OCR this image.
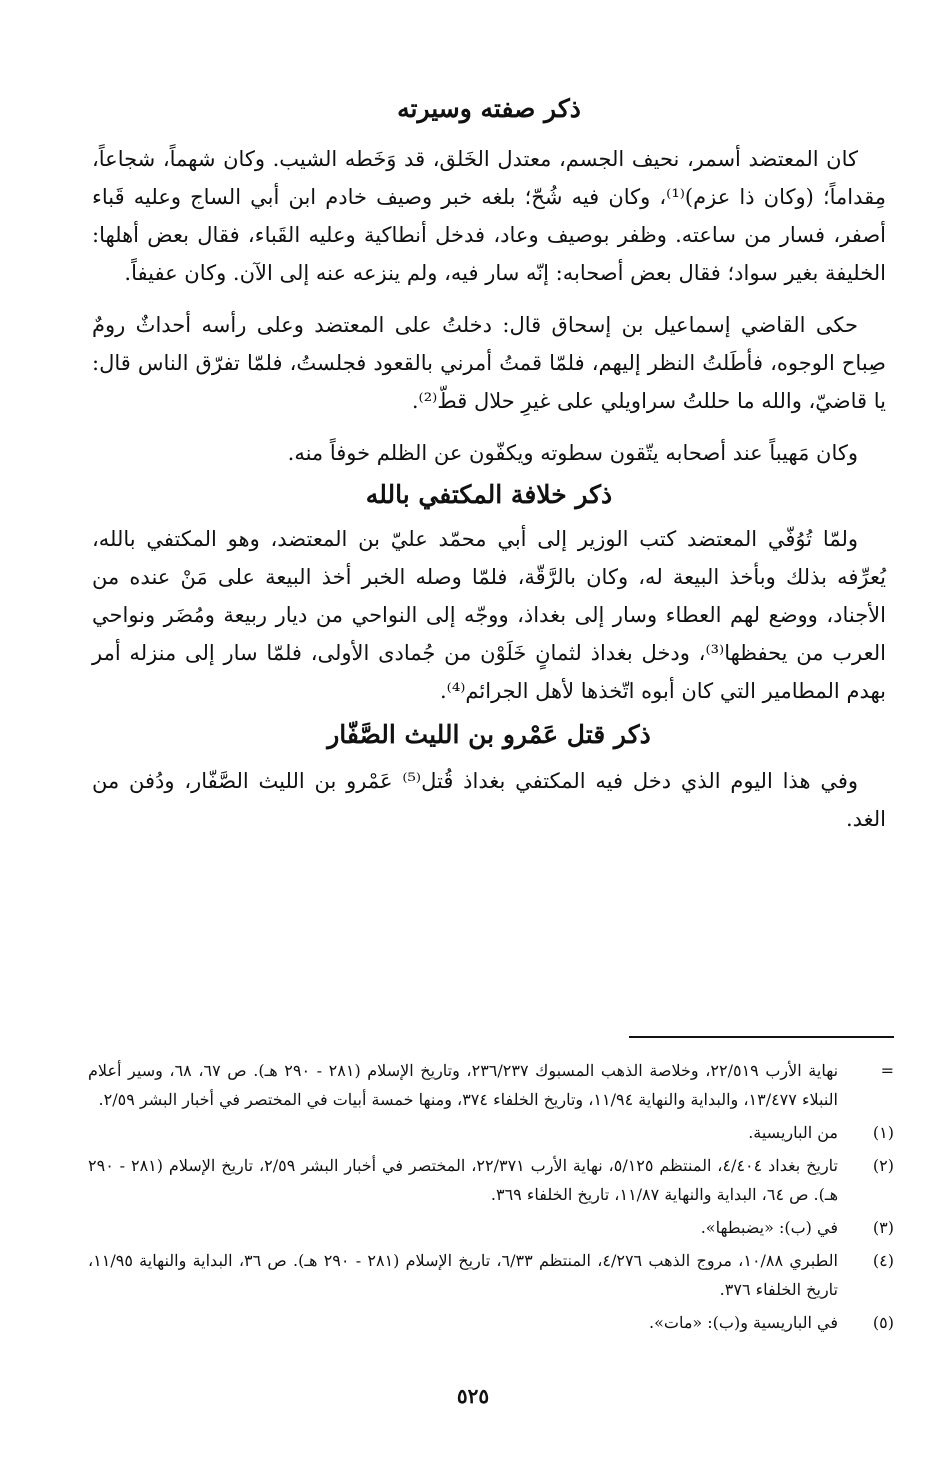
ذكر صفته وسيرته

كان المعتضد أسمر، نحيف الجسم، معتدل الخَلق، قد وَخَطه الشيب. وكان شهماً، شجاعاً، مِقداماً؛ (وكان ذا عزم)⁽¹⁾، وكان فيه شُحّ؛ بلغه خبر وصيف خادم ابن أبي الساج وعليه قَباء أصفر، فسار من ساعته. وظفر بوصيف وعاد، فدخل أنطاكية وعليه القَباء، فقال بعض أهلها: الخليفة بغير سواد؛ فقال بعض أصحابه: إنّه سار فيه، ولم ينزعه عنه إلى الآن. وكان عفيفاً.

حكى القاضي إسماعيل بن إسحاق قال: دخلتُ على المعتضد وعلى رأسه أحداثٌ رومٌ صِباح الوجوه، فأطَلتُ النظر إليهم، فلمّا قمتُ أمرني بالقعود فجلستُ، فلمّا تفرّق الناس قال: يا قاضيّ، والله ما حللتُ سراويلي على غيرِ حلال قطّ⁽²⁾.

وكان مَهيباً عند أصحابه يتّقون سطوته ويكفّون عن الظلم خوفاً منه.

ذكر خلافة المكتفي بالله

ولمّا تُوُفّي المعتضد كتب الوزير إلى أبي محمّد عليّ بن المعتضد، وهو المكتفي بالله، يُعرِّفه بذلك وبأخذ البيعة له، وكان بالرَّقّة، فلمّا وصله الخبر أخذ البيعة على مَنْ عنده من الأجناد، ووضع لهم العطاء وسار إلى بغداذ، ووجّه إلى النواحي من ديار ربيعة ومُضَر ونواحي العرب من يحفظها⁽³⁾، ودخل بغداذ لثمانٍ خَلَوْن من جُمادى الأولى، فلمّا سار إلى منزله أمر بهدم المطامير التي كان أبوه اتّخذها لأهل الجرائم⁽⁴⁾.

ذكر قتل عَمْرو بن الليث الصَّفّار

وفي هذا اليوم الذي دخل فيه المكتفي بغداذ قُتل⁽⁵⁾ عَمْرو بن الليث الصَّفّار، ودُفن من الغد.

=
نهاية الأرب ٢٢/٥١٩، وخلاصة الذهب المسبوك ٢٣٦/٢٣٧، وتاريخ الإسلام (٢٨١ - ٢٩٠ هـ). ص ٦٧، ٦٨، وسير أعلام النبلاء ١٣/٤٧٧، والبداية والنهاية ١١/٩٤، وتاريخ الخلفاء ٣٧٤، ومنها خمسة أبيات في المختصر في أخبار البشر ٢/٥٩.
(١)
من الباريسية.
(٢)
تاريخ بغداد ٤/٤٠٤، المنتظم ٥/١٢٥، نهاية الأرب ٢٢/٣٧١، المختصر في أخبار البشر ٢/٥٩، تاريخ الإسلام (٢٨١ - ٢٩٠ هـ). ص ٦٤، البداية والنهاية ١١/٨٧، تاريخ الخلفاء ٣٦٩.
(٣)
في (ب): «يضبطها».
(٤)
الطبري ١٠/٨٨، مروج الذهب ٤/٢٧٦، المنتظم ٦/٣٣، تاريخ الإسلام (٢٨١ - ٢٩٠ هـ). ص ٣٦، البداية والنهاية ١١/٩٥، تاريخ الخلفاء ٣٧٦.
(٥)
في الباريسية و(ب): «مات».
٥٢٥
